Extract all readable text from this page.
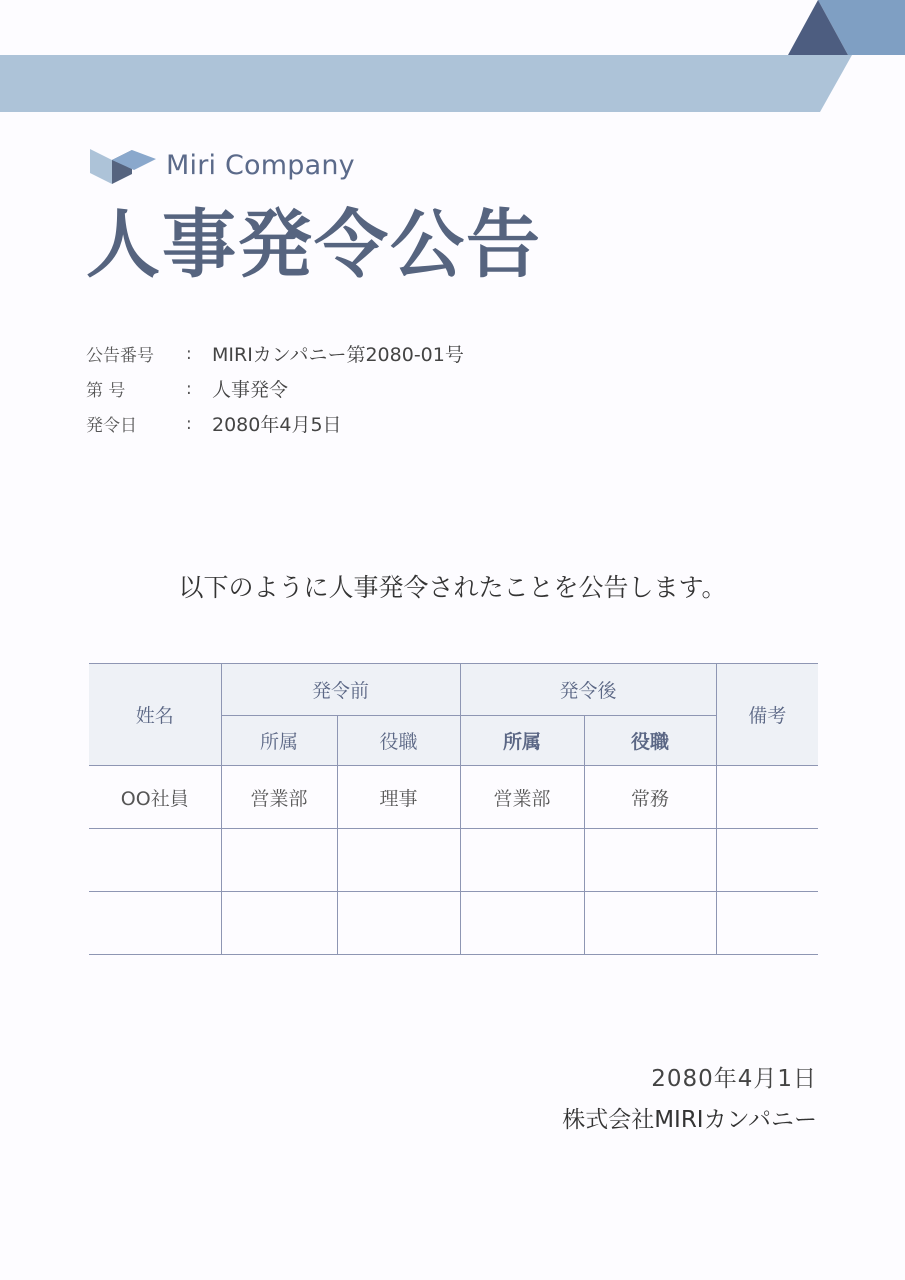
Miri Company
人事発令公告
公告番号	:	MIRIカンパニー第2080-01号
第 号	:	人事発令
発令日	:	2080年4月5日

以下のように人事発令されたことを公告します。

姓名	発令前		発令後		備考
	所属	役職	所属	役職	
OO社員	営業部	理事	営業部	常務	

2080年4月1日
株式会社MIRIカンパニー
